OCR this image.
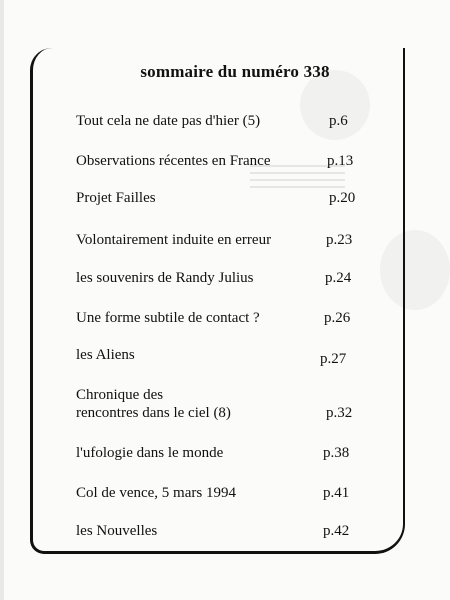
sommaire du numéro 338
Tout cela ne date pas d'hier (5)	p.6
Observations récentes en France	p.13
Projet Failles	p.20
Volontairement induite en erreur	p.23
les souvenirs de Randy Julius	p.24
Une forme subtile de contact ?	p.26
les Aliens	p.27
Chronique des
rencontres dans le ciel (8)	p.32
l'ufologie dans le monde	p.38
Col de vence, 5 mars 1994	p.41
les Nouvelles	p.42
